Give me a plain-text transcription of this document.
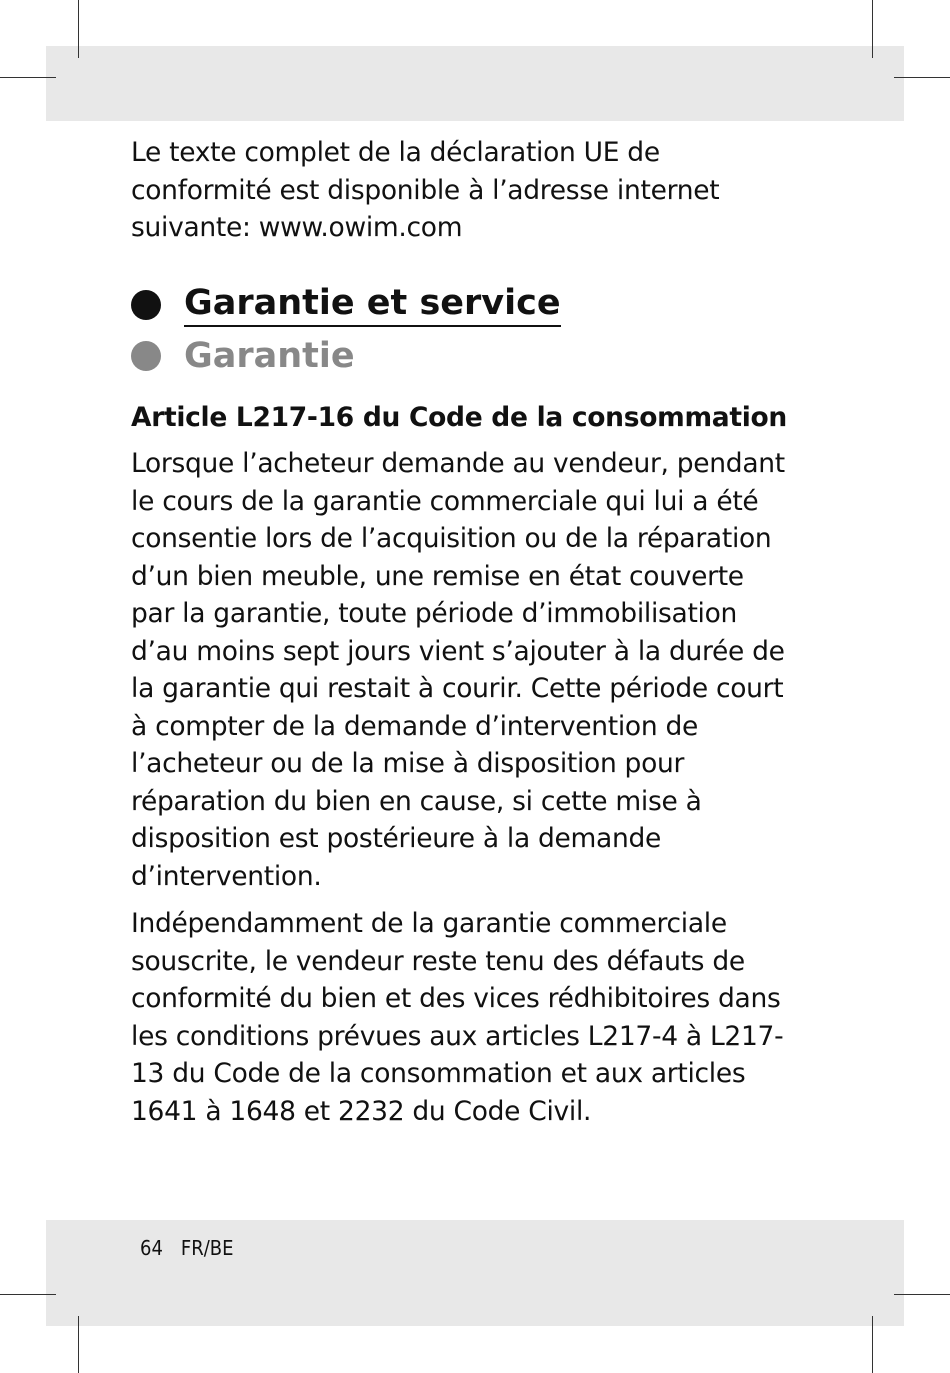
Le texte complet de la déclaration UE de conformité est disponible à l’adresse internet suivante: www.owim.com

Garantie et service
Garantie

Article L217-16 du Code de la consommation

Lorsque l’acheteur demande au vendeur, pendant le cours de la garantie commerciale qui lui a été consentie lors de l’acquisition ou de la réparation d’un bien meuble, une remise en état couverte par la garantie, toute période d’immobilisation d’au moins sept jours vient s’ajouter à la durée de la garantie qui restait à courir. Cette période court à compter de la demande d’intervention de l’acheteur ou de la mise à disposition pour réparation du bien en cause, si cette mise à disposition est postérieure à la demande d’intervention.

Indépendamment de la garantie commerciale souscrite, le vendeur reste tenu des défauts de conformité du bien et des vices rédhibitoires dans les conditions prévues aux articles L217-4 à L217-13 du Code de la consommation et aux articles 1641 à 1648 et 2232 du Code Civil.

64 FR/BE
